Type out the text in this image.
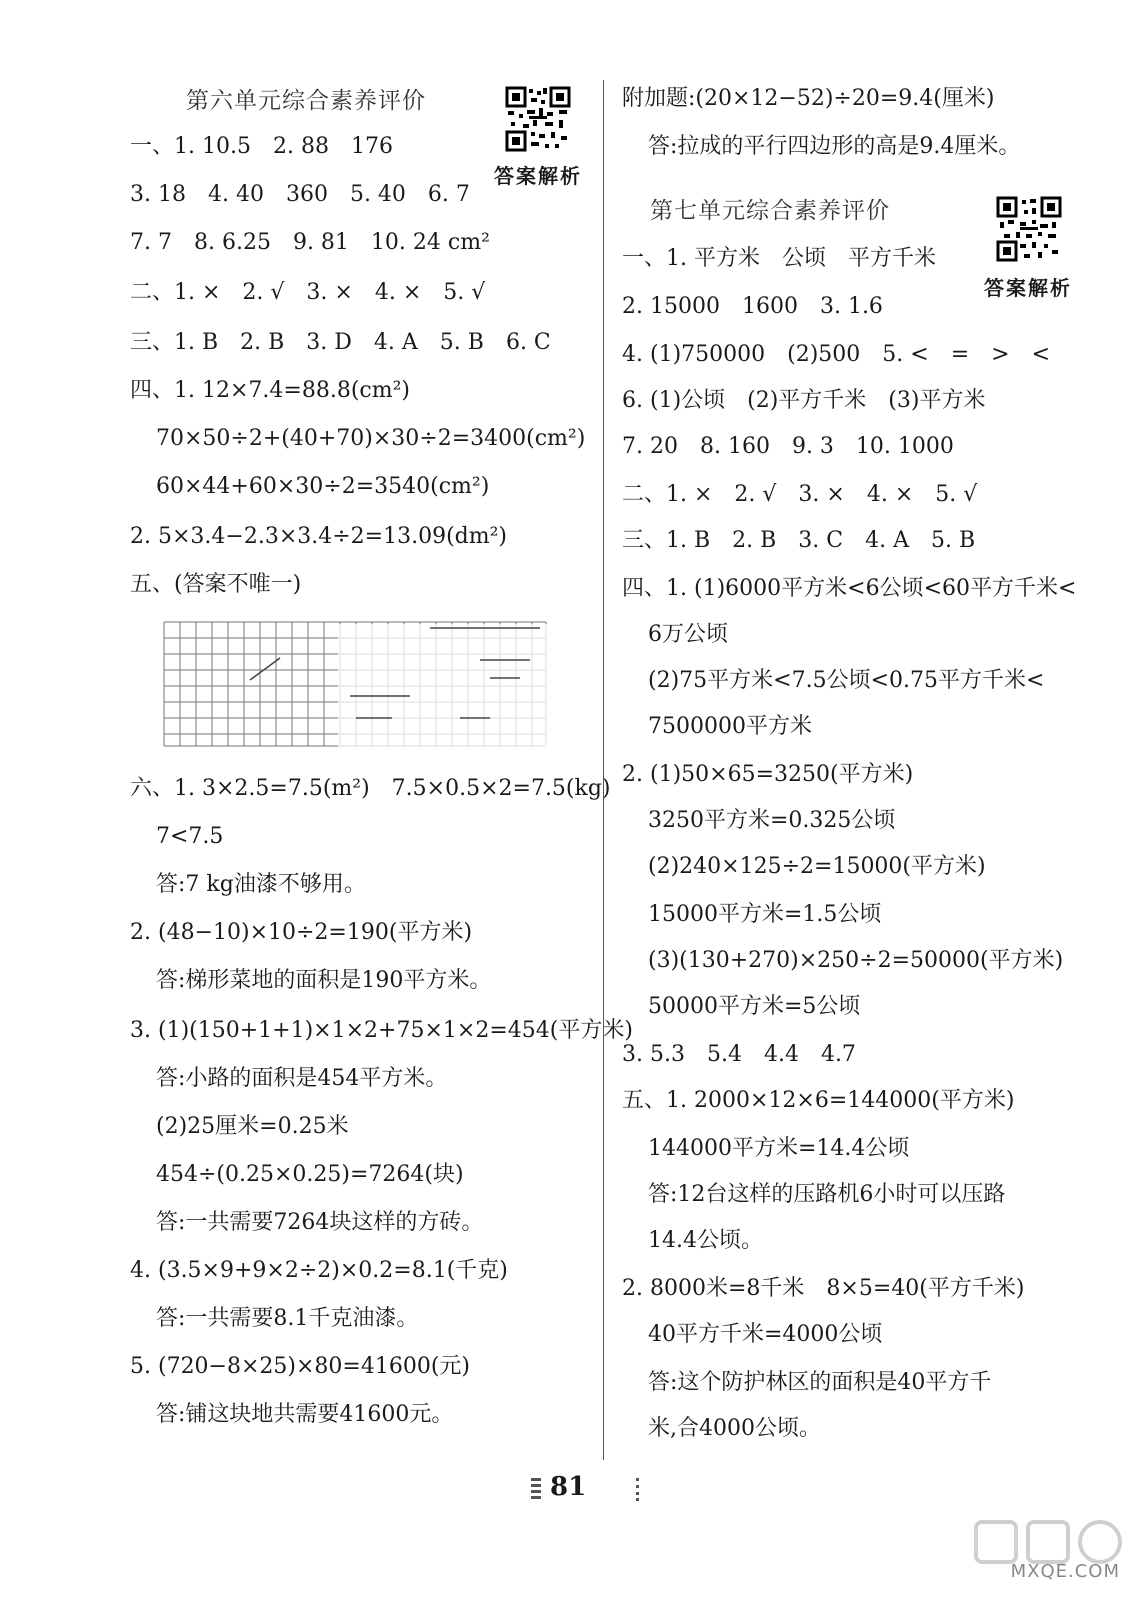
第六单元综合素养评价
答案解析
一、1. 10.5　2. 88　176
3. 18　4. 40　360　5. 40　6. 7
7. 7　8. 6.25　9. 81　10. 24 cm²
二、1. ×　2. √　3. ×　4. ×　5. √
三、1. B　2. B　3. D　4. A　5. B　6. C
四、1. 12×7.4=88.8(cm²)
70×50÷2+(40+70)×30÷2=3400(cm²)
60×44+60×30÷2=3540(cm²)
2. 5×3.4−2.3×3.4÷2=13.09(dm²)
五、(答案不唯一)
六、1. 3×2.5=7.5(m²)　7.5×0.5×2=7.5(kg)
7<7.5
答:7 kg油漆不够用。
2. (48−10)×10÷2=190(平方米)
答:梯形菜地的面积是190平方米。
3. (1)(150+1+1)×1×2+75×1×2=454(平方米)
答:小路的面积是454平方米。
(2)25厘米=0.25米
454÷(0.25×0.25)=7264(块)
答:一共需要7264块这样的方砖。
4. (3.5×9+9×2÷2)×0.2=8.1(千克)
答:一共需要8.1千克油漆。
5. (720−8×25)×80=41600(元)
答:铺这块地共需要41600元。
附加题:(20×12−52)÷20=9.4(厘米)
答:拉成的平行四边形的高是9.4厘米。
第七单元综合素养评价
答案解析
一、1. 平方米　公顷　平方千米
2. 15000　1600　3. 1.6
4. (1)750000　(2)500　5. <　=　>　<
6. (1)公顷　(2)平方千米　(3)平方米
7. 20　8. 160　9. 3　10. 1000
二、1. ×　2. √　3. ×　4. ×　5. √
三、1. B　2. B　3. C　4. A　5. B
四、1. (1)6000平方米<6公顷<60平方千米<
6万公顷
(2)75平方米<7.5公顷<0.75平方千米<
7500000平方米
2. (1)50×65=3250(平方米)
3250平方米=0.325公顷
(2)240×125÷2=15000(平方米)
15000平方米=1.5公顷
(3)(130+270)×250÷2=50000(平方米)
50000平方米=5公顷
3. 5.3　5.4　4.4　4.7
五、1. 2000×12×6=144000(平方米)
144000平方米=14.4公顷
答:12台这样的压路机6小时可以压路
14.4公顷。
2. 8000米=8千米　8×5=40(平方千米)
40平方千米=4000公顷
答:这个防护林区的面积是40平方千
米,合4000公顷。
81
MXQE.COM
